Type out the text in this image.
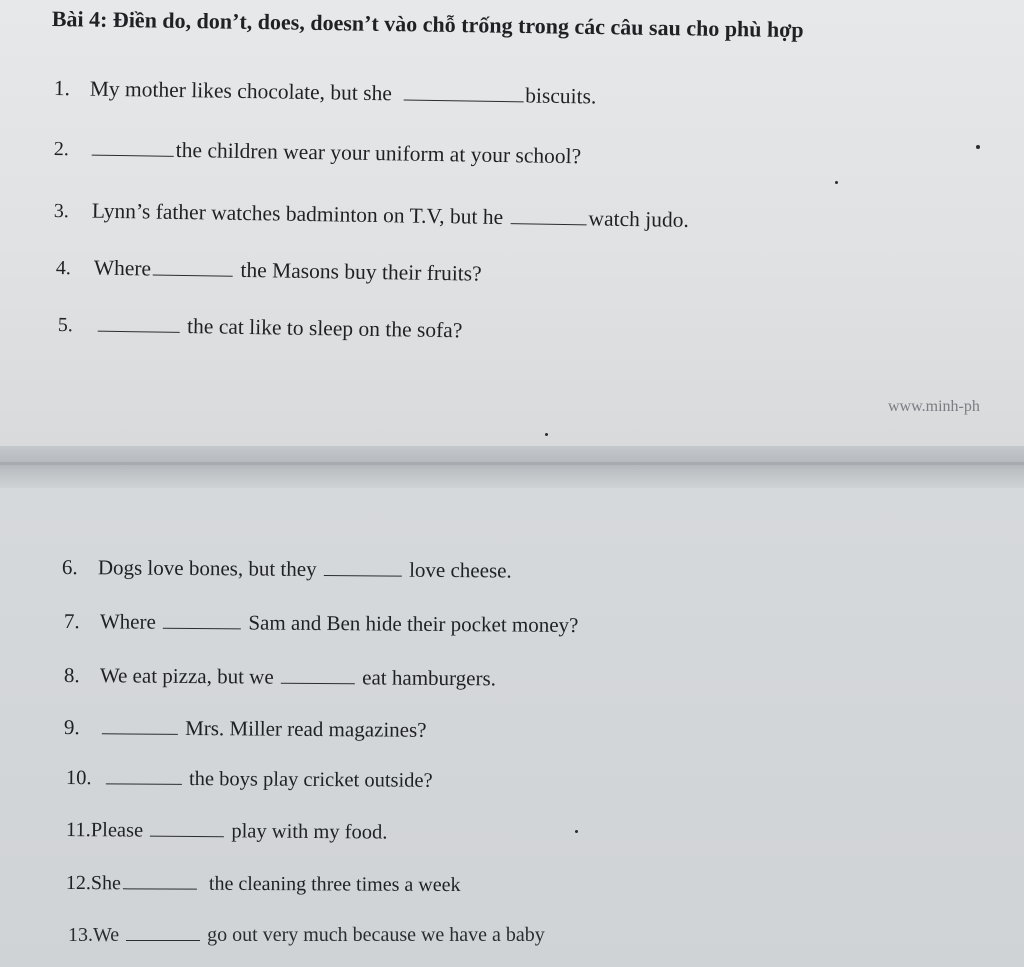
Bài 4: Điền do, don’t, does, doesn’t vào chỗ trống trong các câu sau cho phù hợp
1. My mother likes chocolate, but she	biscuits.
2.	the children wear your uniform at your school?
3. Lynn’s father watches badminton on T.V, but he	watch judo.
4. Where	the Masons buy their fruits?
5.	the cat like to sleep on the sofa?
www.minh-ph
6. Dogs love bones, but they	love cheese.
7. Where	Sam and Ben hide their pocket money?
8. We eat pizza, but we	eat hamburgers.
9.	Mrs. Miller read magazines?
10.	the boys play cricket outside?
11.Please	play with my food.
12.She	the cleaning three times a week
13.We	go out very much because we have a baby
